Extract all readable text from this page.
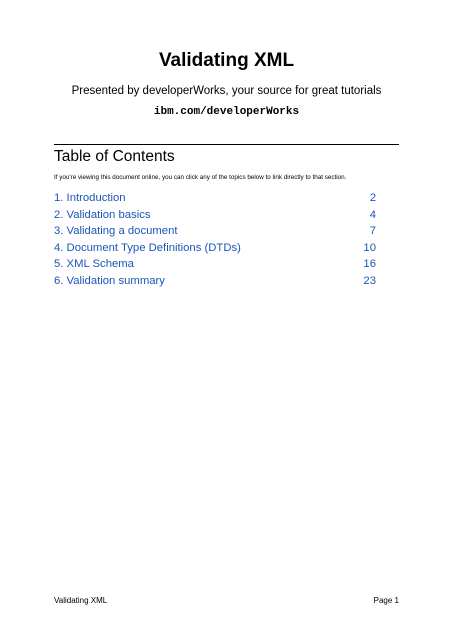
Validating XML
Presented by developerWorks, your source for great tutorials
ibm.com/developerWorks
Table of Contents
If you're viewing this document online, you can click any of the topics below to link directly to that section.
1. Introduction	2
2. Validation basics	4
3. Validating a document	7
4. Document Type Definitions (DTDs)	10
5. XML Schema	16
6. Validation summary	23
Validating XML	Page 1
